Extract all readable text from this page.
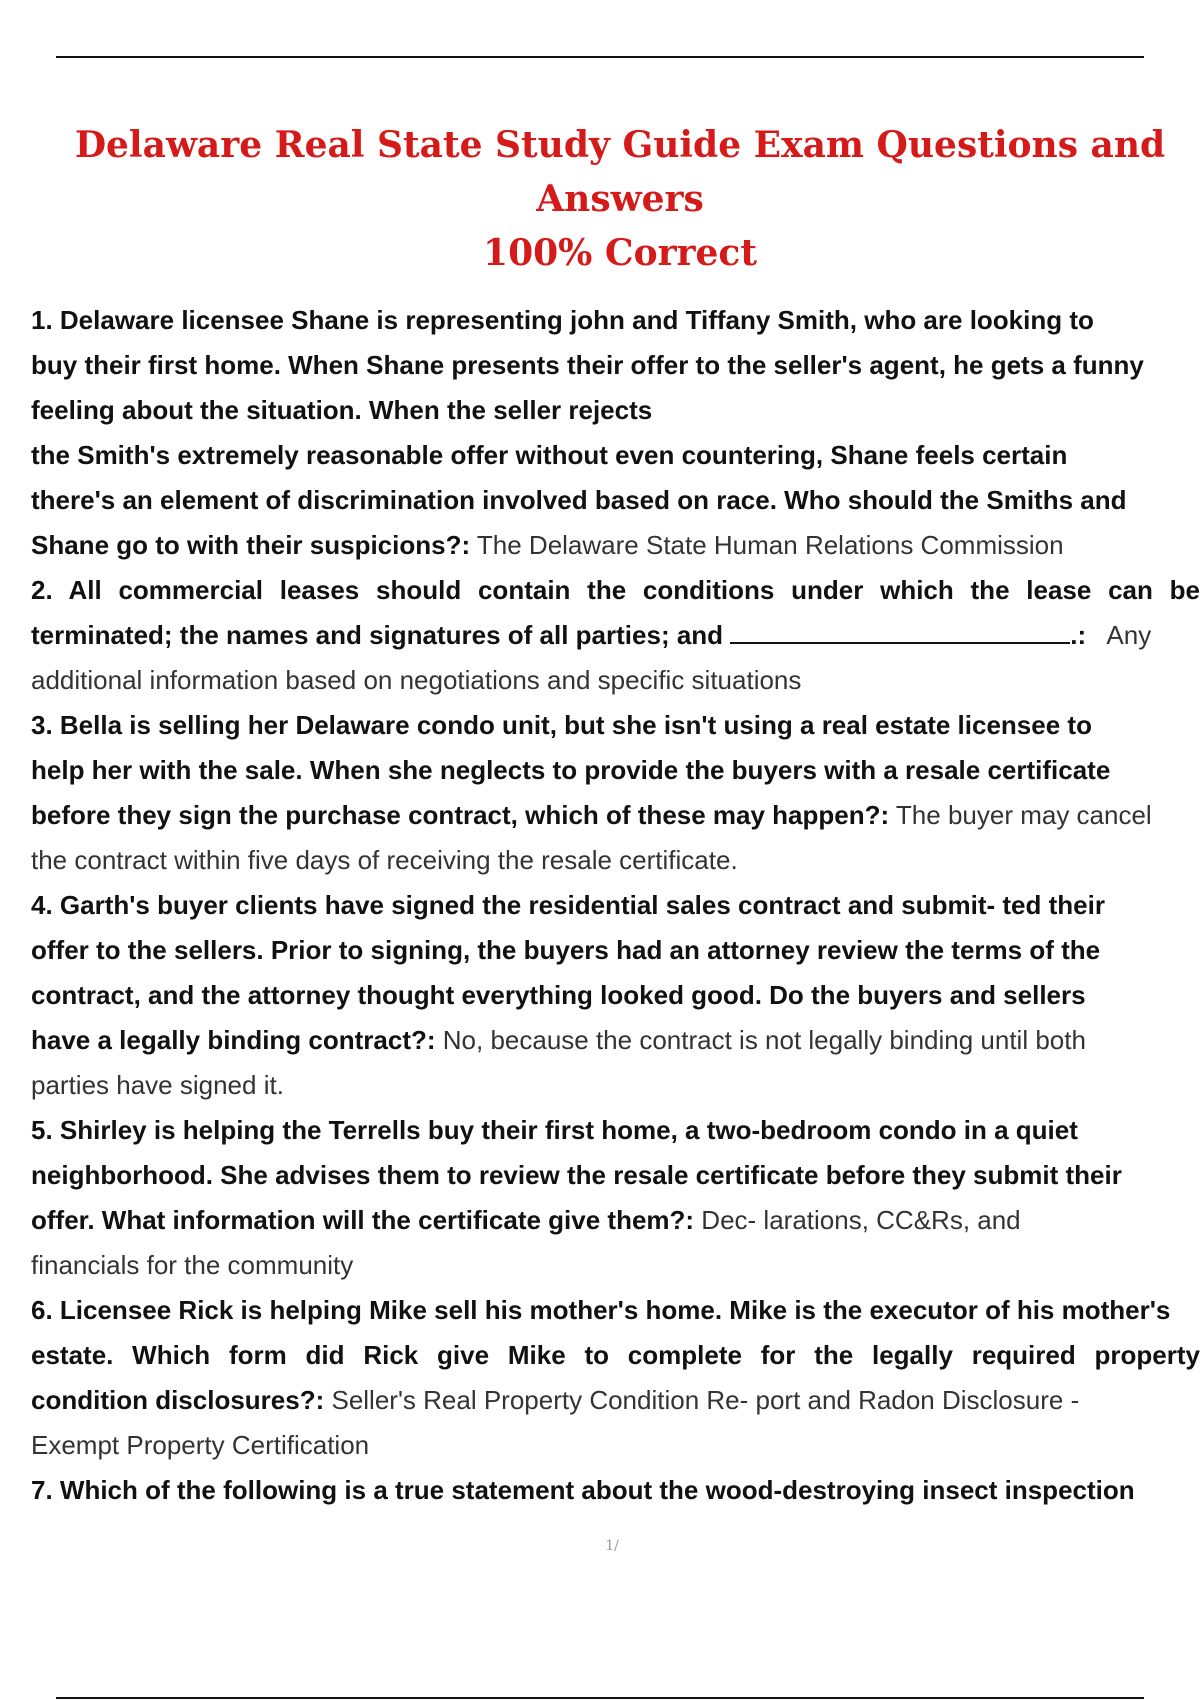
Delaware Real State Study Guide Exam Questions and Answers
100% Correct
1. Delaware licensee Shane is representing john and Tiffany Smith, who are looking to
buy their first home. When Shane presents their offer to the seller's agent, he gets a funny
feeling about the situation. When the seller rejects
the Smith's extremely reasonable offer without even countering, Shane feels certain
there's an element of discrimination involved based on race. Who should the Smiths and
Shane go to with their suspicions?: The Delaware State Human Relations Commission
2. All commercial leases should contain the conditions under which the lease can be
terminated; the names and signatures of all parties; and	.:   Any
additional information based on negotiations and specific situations
3. Bella is selling her Delaware condo unit, but she isn't using a real estate licensee to
help her with the sale. When she neglects to provide the buyers with a resale certificate
before they sign the purchase contract, which of these may happen?: The buyer may cancel
the contract within five days of receiving the resale certificate.
4. Garth's buyer clients have signed the residential sales contract and submit- ted their
offer to the sellers. Prior to signing, the buyers had an attorney review the terms of the
contract, and the attorney thought everything looked good. Do the buyers and sellers
have a legally binding contract?: No, because the contract is not legally binding until both
parties have signed it.
5. Shirley is helping the Terrells buy their first home, a two-bedroom condo in a quiet
neighborhood. She advises them to review the resale certificate before they submit their
offer. What information will the certificate give them?: Dec- larations, CC&Rs, and
financials for the community
6. Licensee Rick is helping Mike sell his mother's home. Mike is the executor of his mother's
estate. Which form did Rick give Mike to complete for the legally required property
condition disclosures?: Seller's Real Property Condition Re- port and Radon Disclosure -
Exempt Property Certification
7. Which of the following is a true statement about the wood-destroying insect inspection
1/
